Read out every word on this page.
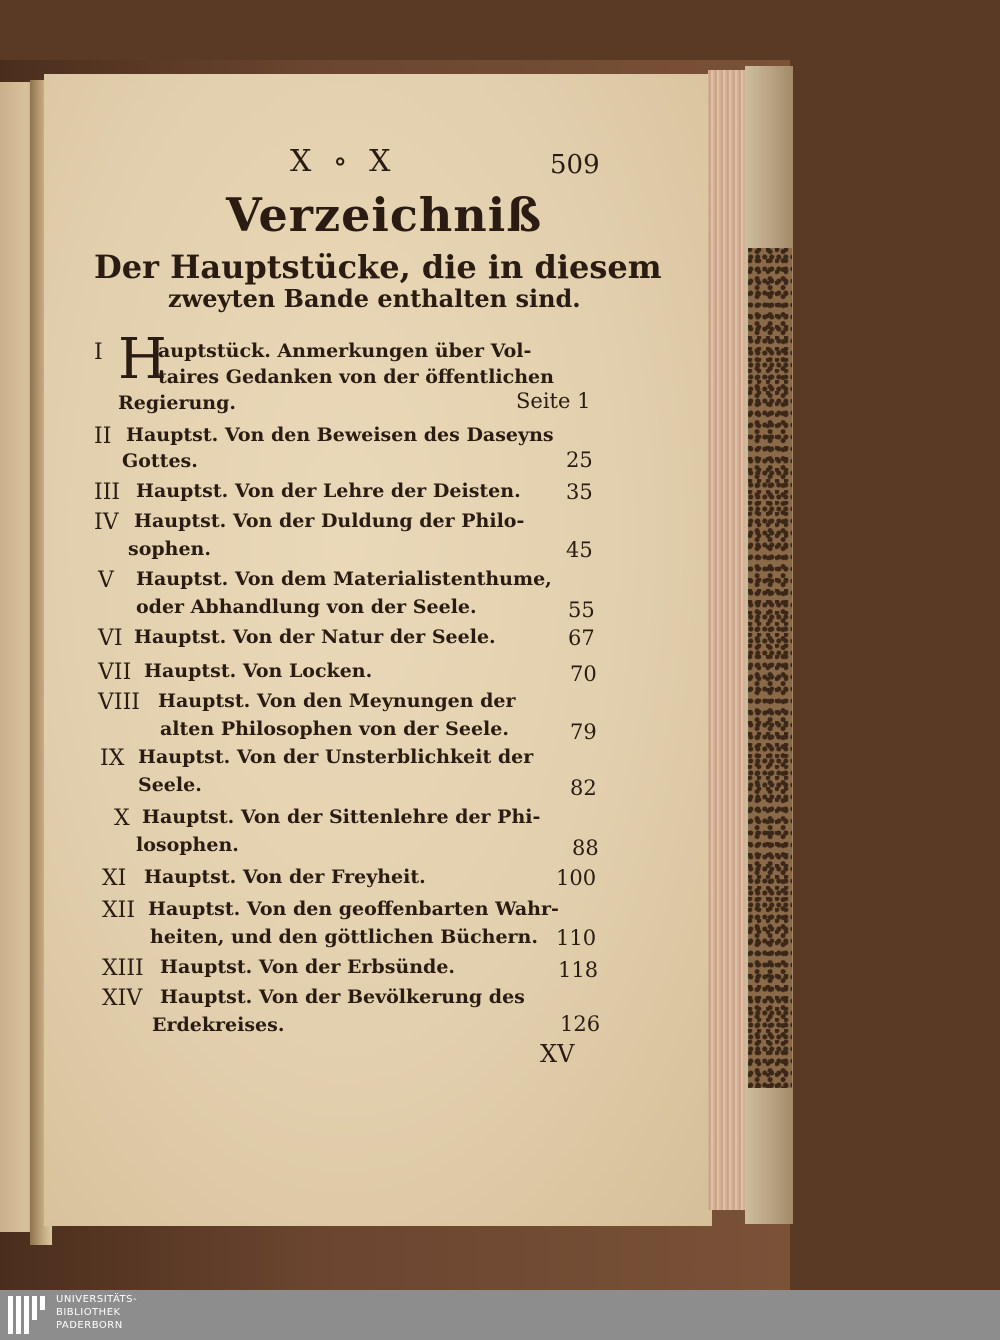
X ∘ X	509
Verzeichniß
Der Hauptstücke, die in diesem
zweyten Bande enthalten sind.
I H
auptstück. Anmerkungen über Vol-
taires Gedanken von der öffentlichen
Regierung.	Seite 1
II Hauptst. Von den Beweisen des Daseyns
Gottes.	25
III Hauptst. Von der Lehre der Deisten. 35
IV Hauptst. Von der Duldung der Philo-
sophen.	45
V Hauptst. Von dem Materialistenthume,
oder Abhandlung von der Seele.	55
VI Hauptst. Von der Natur der Seele.	67
VII Hauptst. Von Locken.	70
VIII Hauptst. Von den Meynungen der
alten Philosophen von der Seele.	79
IX Hauptst. Von der Unsterblichkeit der
Seele.	82
X Hauptst. Von der Sittenlehre der Phi-
losophen.	88
XI Hauptst. Von der Freyheit.	100
XII Hauptst. Von den geoffenbarten Wahr-
heiten, und den göttlichen Büchern. 110
XIII Hauptst. Von der Erbsünde.	118
XIV Hauptst. Von der Bevölkerung des
Erdekreises.	126
XV
UNIVERSITÄTS-
BIBLIOTHEK
PADERBORN
